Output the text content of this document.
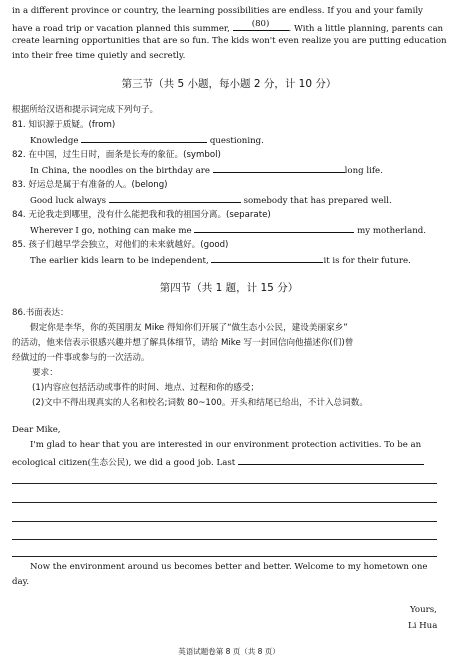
in a different province or country, the learning possibilities are endless. If you and your family
have a road trip or vacation planned this summer,	(80)	. With a little planning, parents can
create learning opportunities that are so fun. The kids won't even realize you are putting education
into their free time quietly and secretly.
第三节（共 5 小题，每小题 2 分，计 10 分）
根据所给汉语和提示词完成下列句子。
81. 知识源于质疑。(from)
Knowledge	questioning.
82. 在中国，过生日时，面条是长寿的象征。(symbol)
In China, the noodles on the birthday are	long life.
83. 好运总是属于有准备的人。(belong)
Good luck always	somebody that has prepared well.
84. 无论我走到哪里，没有什么能把我和我的祖国分离。(separate)
Wherever I go, nothing can make me	my motherland.
85. 孩子们越早学会独立，对他们的未来就越好。(good)
The earlier kids learn to be independent,	it is for their future.
第四节（共 1 题，计 15 分）
86.书面表达：
假定你是李华，你的英国朋友 Mike 得知你们开展了“做生态小公民，建设美丽家乡”
的活动，他来信表示很感兴趣并想了解具体细节，请给 Mike 写一封回信向他描述你(们)曾
经做过的一件事或参与的一次活动。
要求：
(1)内容应包括活动或事件的时间、地点、过程和你的感受；
(2)文中不得出现真实的人名和校名;词数 80~100。开头和结尾已给出，不计入总词数。
Dear Mike,
I'm glad to hear that you are interested in our environment protection activities. To be an
ecological citizen(生态公民), we did a good job. Last
Now the environment around us becomes better and better. Welcome to my hometown one
day.
Yours,
Li Hua
英语试题卷第 8 页（共 8 页）
